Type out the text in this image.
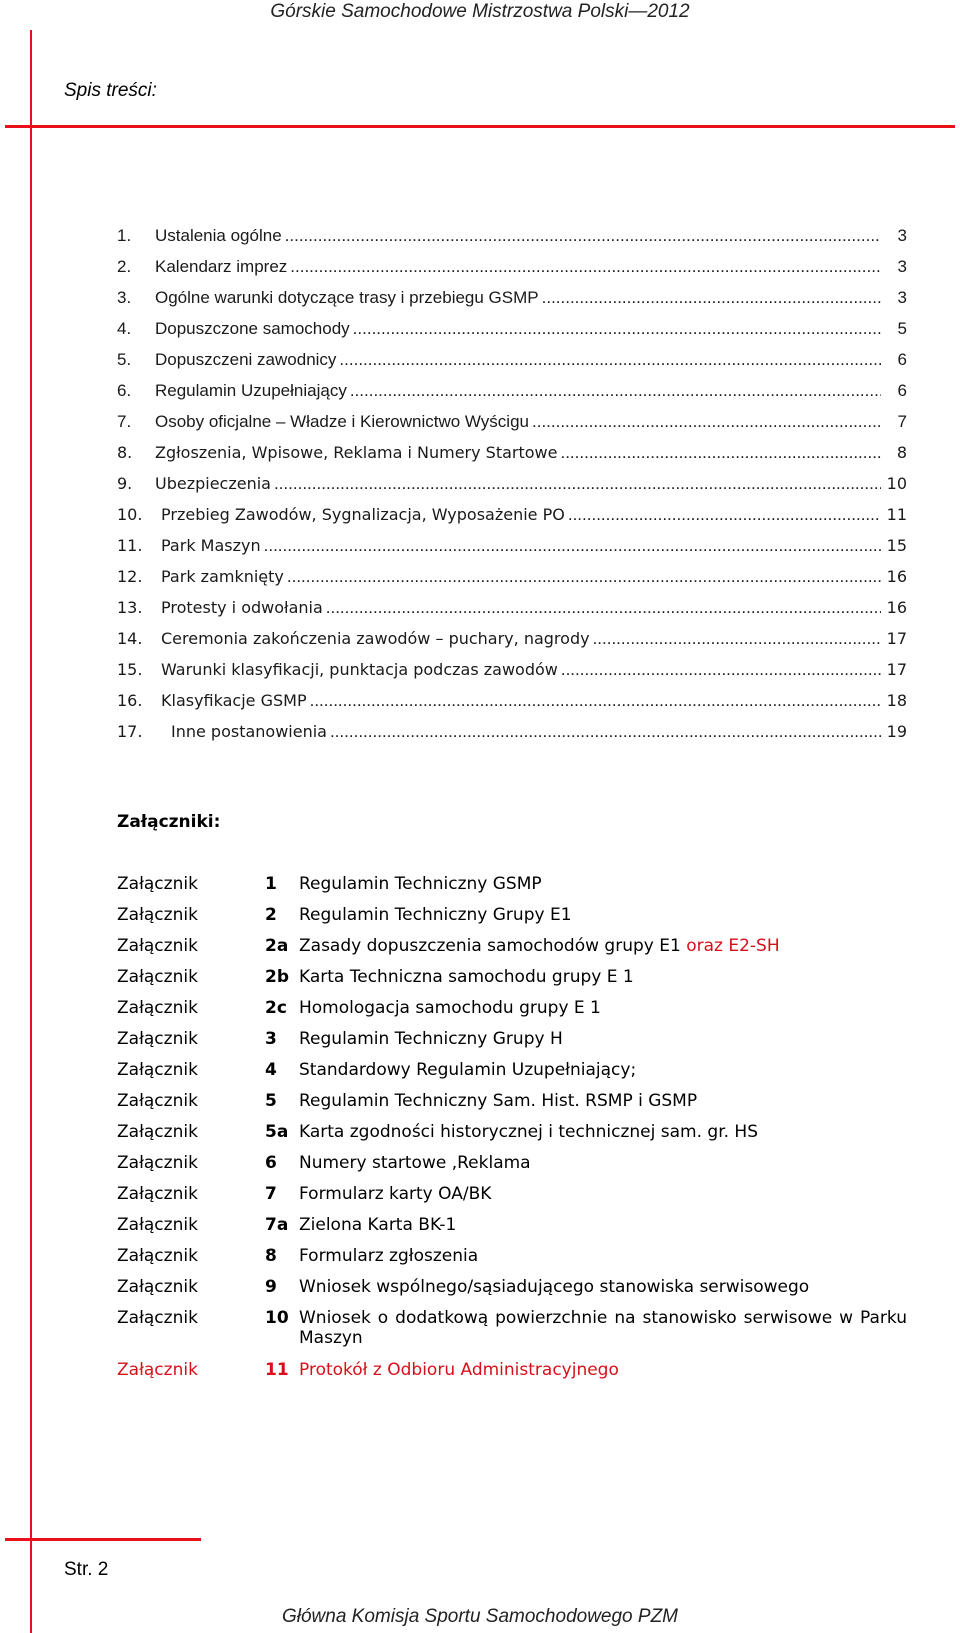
Górskie Samochodowe Mistrzostwa Polski—2012
Spis treści:
1.	Ustalenia ogólne .....	3
2.	Kalendarz imprez .....	3
3.	Ogólne warunki dotyczące trasy i przebiegu GSMP .....	3
4.	Dopuszczone samochody .....	5
5.	Dopuszczeni zawodnicy .....	6
6.	Regulamin Uzupełniający .....	6
7.	Osoby oficjalne – Władze i Kierownictwo Wyścigu .....	7
8.	Zgłoszenia, Wpisowe, Reklama i Numery Startowe .....	8
9.	Ubezpieczenia .....	10
10.	Przebieg Zawodów, Sygnalizacja, Wyposażenie PO .....	11
11.	Park Maszyn .....	15
12.	Park zamknięty .....	16
13.	Protesty i odwołania .....	16
14.	Ceremonia zakończenia zawodów – puchary, nagrody .....	17
15.	Warunki klasyfikacji, punktacja podczas zawodów .....	17
16.	Klasyfikacje GSMP .....	18
17.	Inne postanowienia .....	19
Załączniki:
Załącznik	1	Regulamin Techniczny GSMP
Załącznik	2	Regulamin Techniczny Grupy E1
Załącznik	2a Zasady dopuszczenia samochodów grupy E1 oraz E2-SH
Załącznik	2b Karta Techniczna samochodu grupy E 1
Załącznik	2c Homologacja samochodu grupy E 1
Załącznik	3	Regulamin Techniczny Grupy H
Załącznik	4	Standardowy Regulamin Uzupełniający;
Załącznik	5	Regulamin Techniczny Sam. Hist. RSMP i GSMP
Załącznik	5a Karta zgodności historycznej i technicznej sam. gr. HS
Załącznik	6	Numery startowe ,Reklama
Załącznik	7	Formularz karty OA/BK
Załącznik	7a Zielona Karta BK-1
Załącznik	8	Formularz zgłoszenia
Załącznik	9	Wniosek wspólnego/sąsiadującego stanowiska serwisowego
Załącznik	10 Wniosek o dodatkową powierzchnie na stanowisko serwisowe w Parku Maszyn
Załącznik	11 Protokół z Odbioru Administracyjnego
Str. 2
Główna Komisja Sportu Samochodowego PZM
